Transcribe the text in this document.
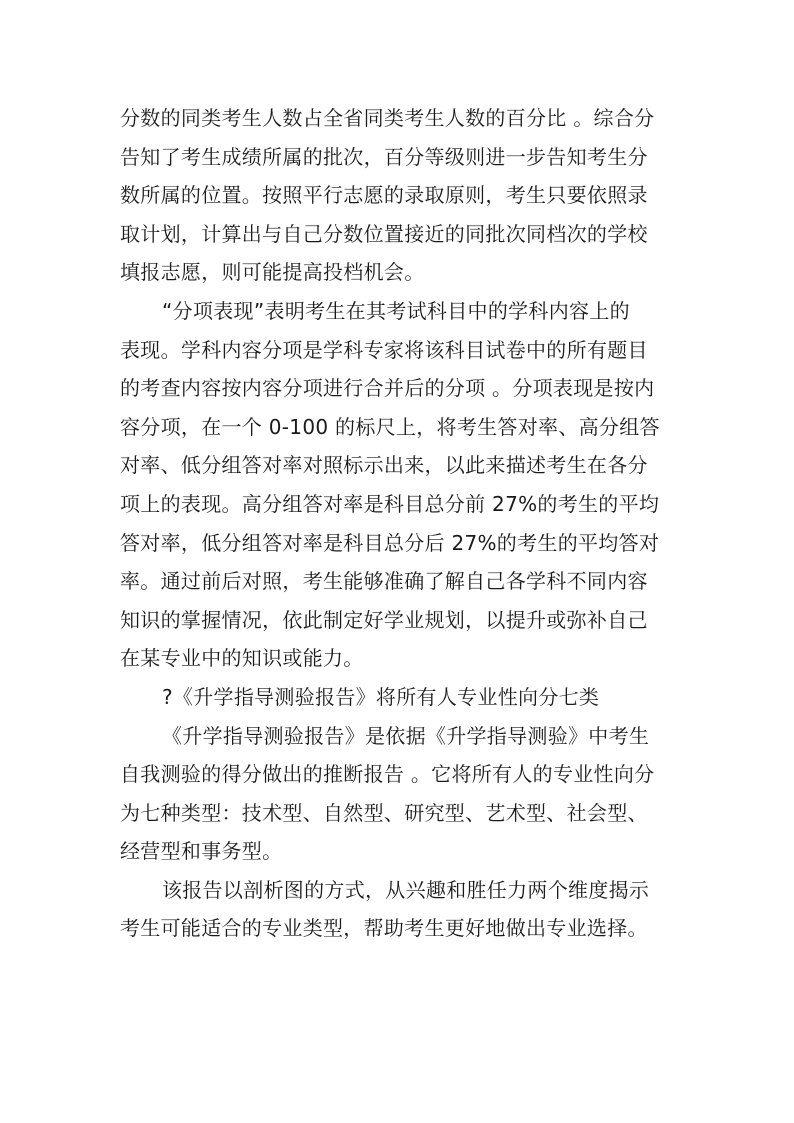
分数的同类考生人数占全省同类考生人数的百分比 。综合分
告知了考生成绩所属的批次，百分等级则进一步告知考生分
数所属的位置。按照平行志愿的录取原则，考生只要依照录
取计划，计算出与自己分数位置接近的同批次同档次的学校
填报志愿，则可能提高投档机会。
“分项表现”表明考生在其考试科目中的学科内容上的
表现。学科内容分项是学科专家将该科目试卷中的所有题目
的考查内容按内容分项进行合并后的分项 。分项表现是按内
容分项，在一个 0-100 的标尺上，将考生答对率、高分组答
对率、低分组答对率对照标示出来，以此来描述考生在各分
项上的表现。高分组答对率是科目总分前 27%的考生的平均
答对率，低分组答对率是科目总分后 27%的考生的平均答对
率。通过前后对照，考生能够准确了解自己各学科不同内容
知识的掌握情况，依此制定好学业规划，以提升或弥补自己
在某专业中的知识或能力。
?《升学指导测验报告》将所有人专业性向分七类
《升学指导测验报告》是依据《升学指导测验》中考生
自我测验的得分做出的推断报告 。它将所有人的专业性向分
为七种类型：技术型、自然型、研究型、艺术型、社会型、
经营型和事务型。
该报告以剖析图的方式，从兴趣和胜任力两个维度揭示
考生可能适合的专业类型，帮助考生更好地做出专业选择。
